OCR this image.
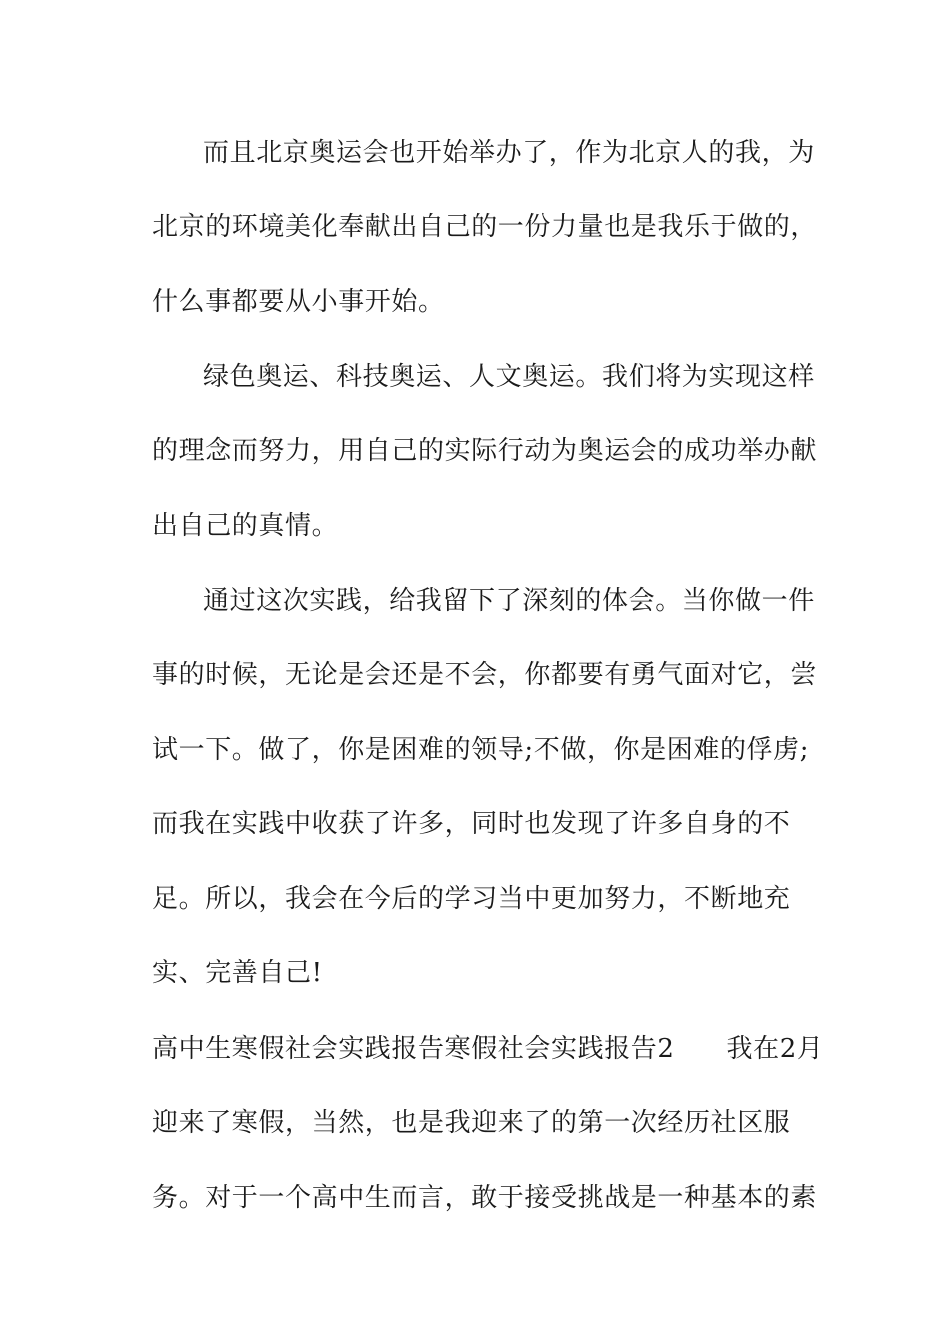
而且北京奥运会也开始举办了，作为北京人的我，为
北京的环境美化奉献出自己的一份力量也是我乐于做的，
什么事都要从小事开始。
绿色奥运、科技奥运、人文奥运。我们将为实现这样
的理念而努力，用自己的实际行动为奥运会的成功举办献
出自己的真情。
通过这次实践，给我留下了深刻的体会。当你做一件
事的时候，无论是会还是不会，你都要有勇气面对它，尝
试一下。做了，你是困难的领导;不做，你是困难的俘虏;
而我在实践中收获了许多，同时也发现了许多自身的不
足。所以，我会在今后的学习当中更加努力，不断地充
实、完善自己!
高中生寒假社会实践报告寒假社会实践报告2 我在2月
迎来了寒假，当然，也是我迎来了的第一次经历社区服
务。对于一个高中生而言，敢于接受挑战是一种基本的素
